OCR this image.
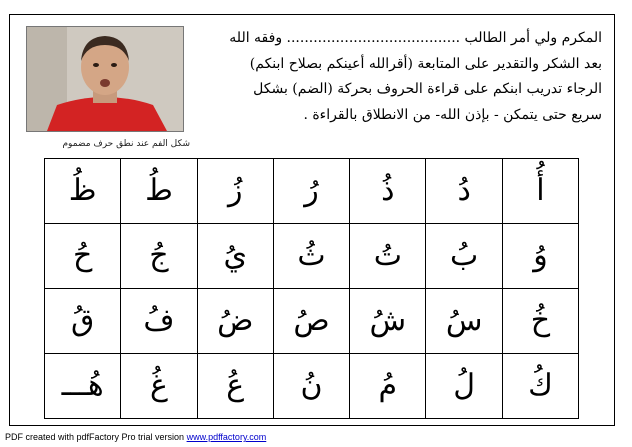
شكل الفم عند نطق حرف مضموم
المكرم ولي أمر الطالب ....................................... وفقه الله
بعد الشكر والتقدير على المتابعة (أقرالله أعينكم بصلاح ابنكم)
الرجاء تدريب ابنكم على قراءة الحروف بحركة (الضم) بشكل
سريع حتى يتمكن - بإذن الله- من الانطلاق بالقراءة .
أُ
دُ
ذُ
رُ
زُ
طُ
ظُ
وُ
بُ
تُ
ثُ
يُ
جُ
حُ
خُ
سُ
شُ
صُ
ضُ
فُ
قُ
كُ
لُ
مُ
نُ
عُ
غُ
هُـــ
PDF created with pdfFactory Pro trial version www.pdffactory.com
